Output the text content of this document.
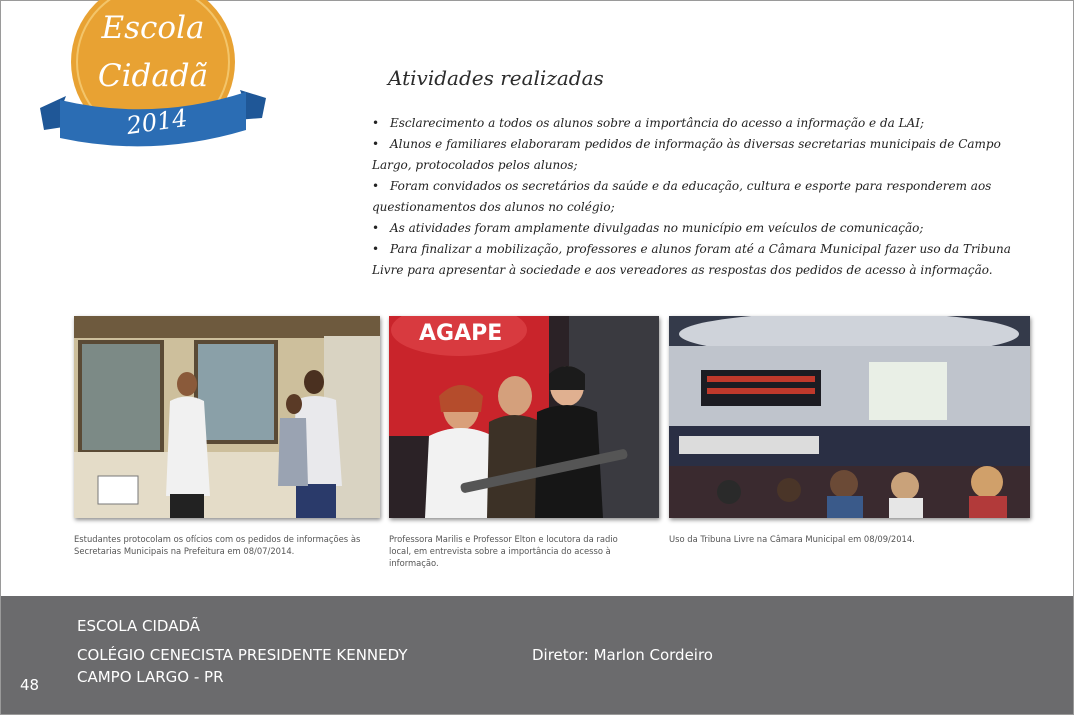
Escola
Cidadã
2014
Atividades realizadas
• Esclarecimento a todos os alunos sobre a importância do acesso a informação e da LAI;
• Alunos e familiares elaboraram pedidos de informação às diversas secretarias municipais de Campo Largo, protocolados pelos alunos;
• Foram convidados os secretários da saúde e da educação, cultura e esporte para responderem aos questionamentos dos alunos no colégio;
• As atividades foram amplamente divulgadas no município em veículos de comunicação;
• Para finalizar a mobilização, professores e alunos foram até a Câmara Municipal fazer uso da Tribuna Livre para apresentar à sociedade e aos vereadores as respostas dos pedidos de acesso à informação.

Estudantes protocolam os ofícios com os pedidos de informações às Secretarias Municipais na Prefeitura em 08/07/2014.

AGAPE

Professora Marilis e Professor Elton e locutora da radio local, em entrevista sobre a importância do acesso à informação.

Uso da Tribuna Livre na Câmara Municipal em 08/09/2014.

ESCOLA CIDADÃ
COLÉGIO CENECISTA PRESIDENTE KENNEDY
CAMPO LARGO - PR
Diretor: Marlon Cordeiro
48
